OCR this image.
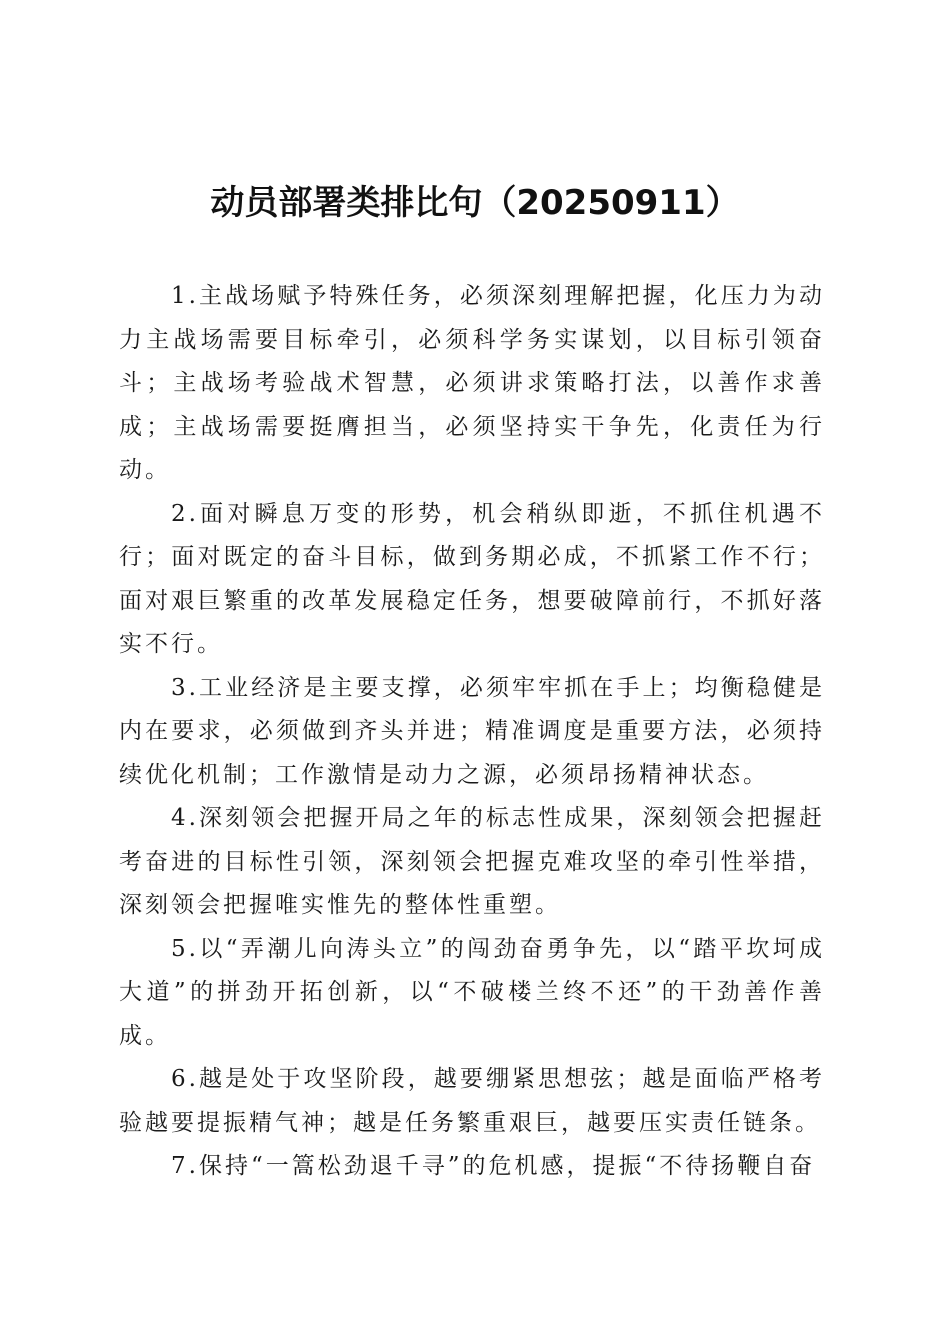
动员部署类排比句（20250911）

1.主战场赋予特殊任务，必须深刻理解把握，化压力为动力主战场需要目标牵引，必须科学务实谋划，以目标引领奋斗；主战场考验战术智慧，必须讲求策略打法，以善作求善成；主战场需要挺膺担当，必须坚持实干争先，化责任为行动。

2.面对瞬息万变的形势，机会稍纵即逝，不抓住机遇不行；面对既定的奋斗目标，做到务期必成，不抓紧工作不行；面对艰巨繁重的改革发展稳定任务，想要破障前行，不抓好落实不行。

3.工业经济是主要支撑，必须牢牢抓在手上；均衡稳健是内在要求，必须做到齐头并进；精准调度是重要方法，必须持续优化机制；工作激情是动力之源，必须昂扬精神状态。

4.深刻领会把握开局之年的标志性成果，深刻领会把握赶考奋进的目标性引领，深刻领会把握克难攻坚的牵引性举措，深刻领会把握唯实惟先的整体性重塑。

5.以“弄潮儿向涛头立”的闯劲奋勇争先，以“踏平坎坷成大道”的拼劲开拓创新，以“不破楼兰终不还”的干劲善作善成。

6.越是处于攻坚阶段，越要绷紧思想弦；越是面临严格考验越要提振精气神；越是任务繁重艰巨，越要压实责任链条。

7.保持“一篙松劲退千寻”的危机感，提振“不待扬鞭自奋
